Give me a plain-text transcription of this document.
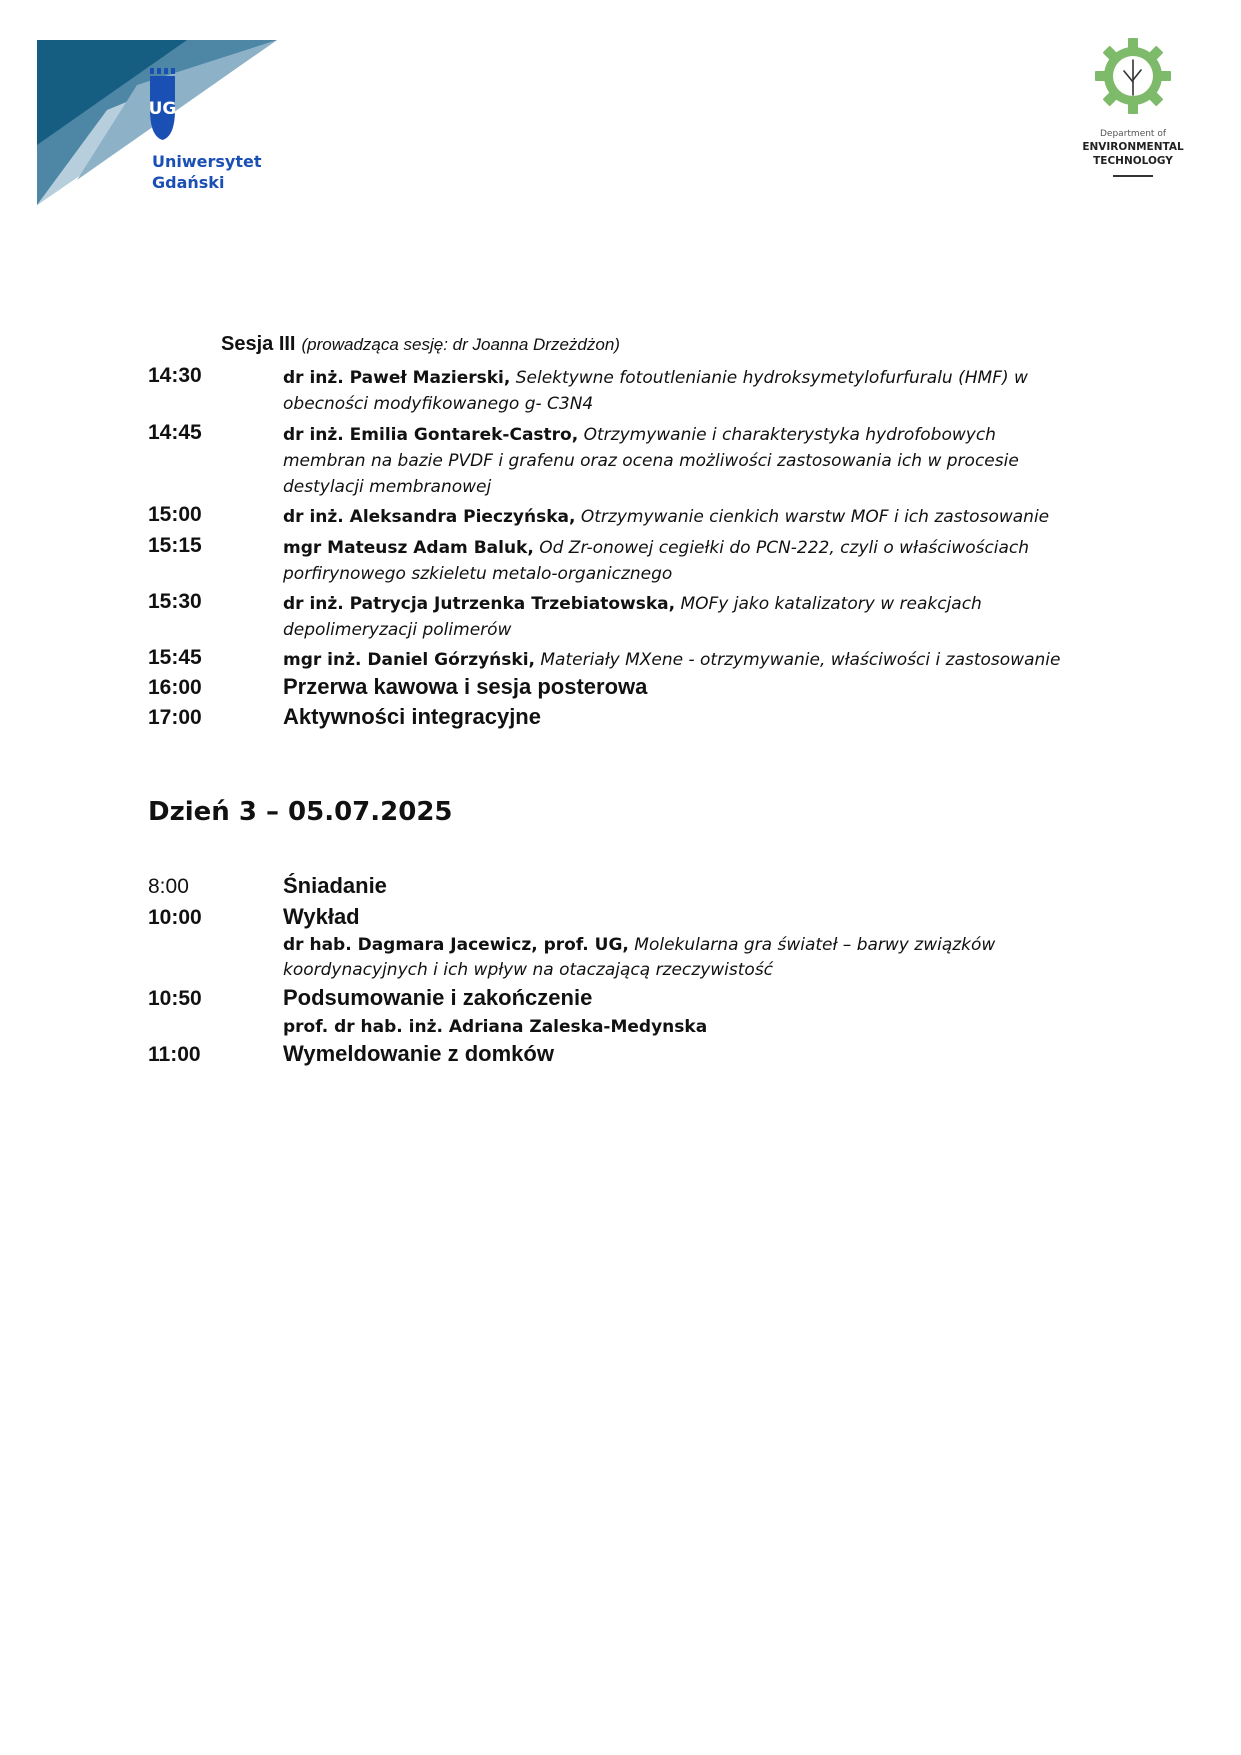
UG
Uniwersytet
Gdański
Department of
ENVIRONMENTAL
TECHNOLOGY
Sesja III (prowadząca sesję: dr Joanna Drzeżdżon)
14:30	dr inż. Paweł Mazierski, Selektywne fotoutlenianie hydroksymetylofurfuralu (HMF) w obecności modyfikowanego g- C3N4
14:45	dr inż. Emilia Gontarek-Castro, Otrzymywanie i charakterystyka hydrofobowych membran na bazie PVDF i grafenu oraz ocena możliwości zastosowania ich w procesie destylacji membranowej
15:00	dr inż. Aleksandra Pieczyńska, Otrzymywanie cienkich warstw MOF i ich zastosowanie
15:15	mgr Mateusz Adam Baluk, Od Zr-onowej cegiełki do PCN-222, czyli o właściwościach porfirynowego szkieletu metalo-organicznego
15:30	dr inż. Patrycja Jutrzenka Trzebiatowska, MOFy jako katalizatory w reakcjach depolimeryzacji polimerów
15:45	mgr inż. Daniel Górzyński, Materiały MXene - otrzymywanie, właściwości i zastosowanie
16:00	Przerwa kawowa i sesja posterowa
17:00	Aktywności integracyjne
Dzień 3 – 05.07.2025
8:00	Śniadanie
10:00	Wykład
dr hab. Dagmara Jacewicz, prof. UG, Molekularna gra świateł – barwy związków koordynacyjnych i ich wpływ na otaczającą rzeczywistość
10:50	Podsumowanie i zakończenie
prof. dr hab. inż. Adriana Zaleska-Medynska
11:00	Wymeldowanie z domków
